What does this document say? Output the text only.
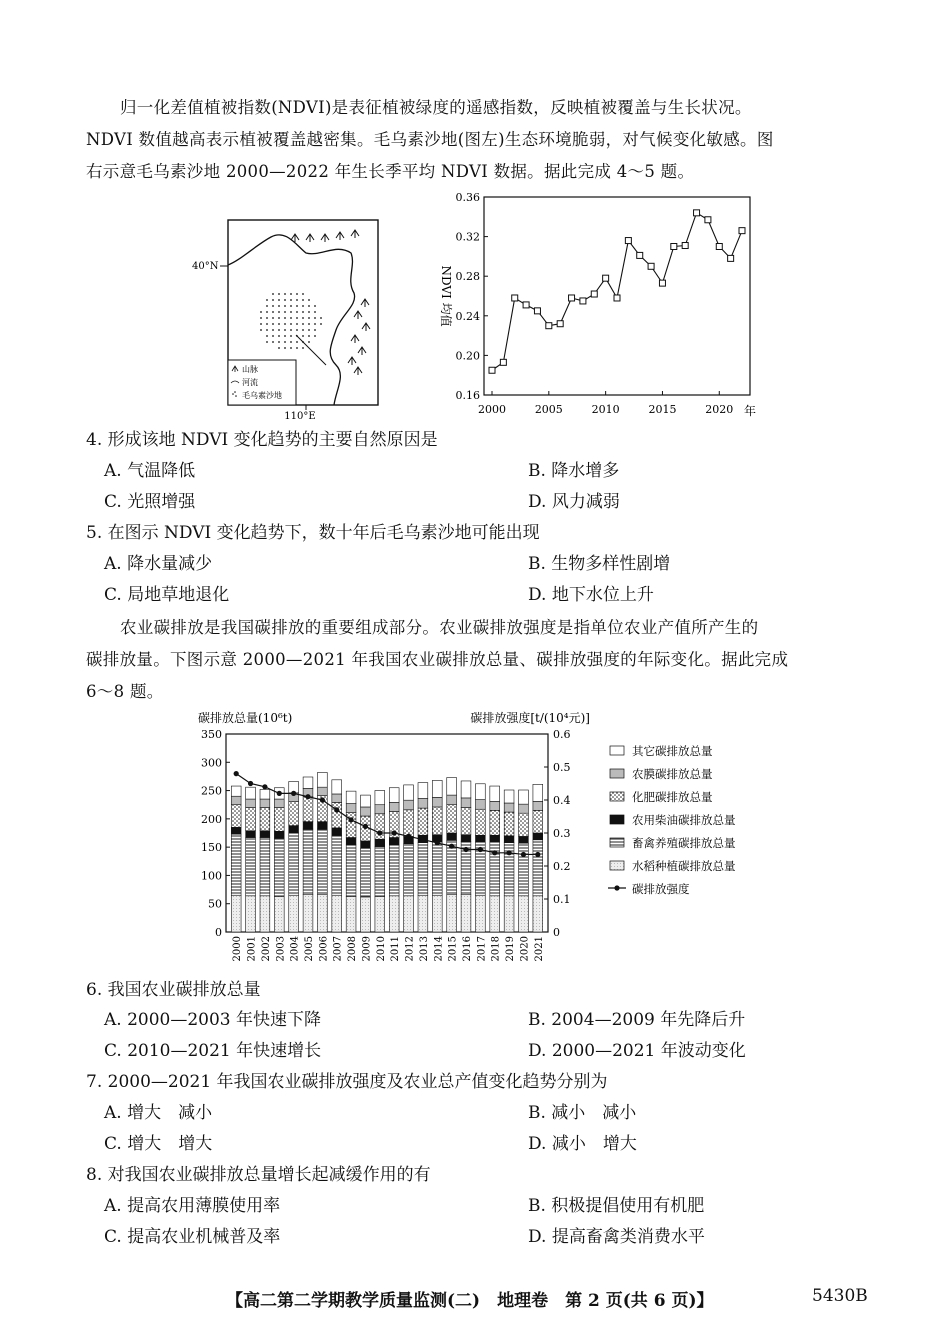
归一化差值植被指数(NDVI)是表征植被绿度的遥感指数，反映植被覆盖与生长状况。
NDVI 数值越高表示植被覆盖越密集。毛乌素沙地(图左)生态环境脆弱，对气候变化敏感。图
右示意毛乌素沙地 2000—2022 年生长季平均 NDVI 数据。据此完成 4～5 题。
山脉
河流
毛乌素沙地
40°N
110°E
0.16
0.20
0.24
0.28
0.32
0.36
2000	2005	2010	2015	2020
NDVI 均值
年
4. 形成该地 NDVI 变化趋势的主要自然原因是
A. 气温降低	B. 降水增多
C. 光照增强	D. 风力减弱
5. 在图示 NDVI 变化趋势下，数十年后毛乌素沙地可能出现
A. 降水量减少	B. 生物多样性剧增
C. 局地草地退化	D. 地下水位上升
农业碳排放是我国碳排放的重要组成部分。农业碳排放强度是指单位农业产值所产生的
碳排放量。下图示意 2000—2021 年我国农业碳排放总量、碳排放强度的年际变化。据此完成
6～8 题。
碳排放总量(10⁶t)	碳排放强度[t/(10⁴元)]
0
50
100
150
200
250
300
350
0
0.1
0.2
0.3
0.4
0.5
0.6
2000 2001 2002 2003 2004 2005 2006 2007 2008 2009 2010 2011 2012 2013 2014 2015 2016 2017 2018 2019 2020 2021
其它碳排放总量
农膜碳排放总量
化肥碳排放总量
农用柴油碳排放总量
畜禽养殖碳排放总量
水稻种植碳排放总量
碳排放强度
6. 我国农业碳排放总量
A. 2000—2003 年快速下降	B. 2004—2009 年先降后升
C. 2010—2021 年快速增长	D. 2000—2021 年波动变化
7. 2000—2021 年我国农业碳排放强度及农业总产值变化趋势分别为
A. 增大　减小	B. 减小　减小
C. 增大　增大	D. 减小　增大
8. 对我国农业碳排放总量增长起减缓作用的有
A. 提高农用薄膜使用率	B. 积极提倡使用有机肥
C. 提高农业机械普及率	D. 提高畜禽类消费水平
【高二第二学期教学质量监测(二)　地理卷　第 2 页(共 6 页)】	5430B
